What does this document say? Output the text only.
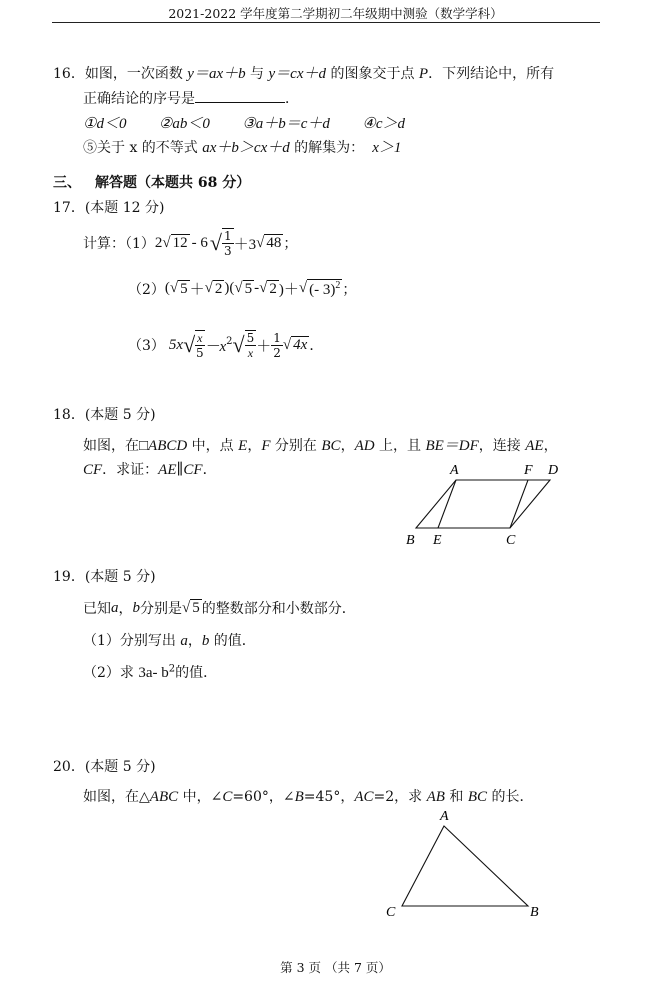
2021-2022 学年度第二学期初二年级期中测验（数学学科）
16．如图，一次函数 y＝ax＋b 与 y＝cx＋d 的图象交于点 P．下列结论中，所有
正确结论的序号是	．
①d＜0 ②ab＜0 ③a＋b＝c＋d ④c＞d
⑤关于 x 的不等式 ax＋b＞cx＋d 的解集为： x＞1
三、 解答题（本题共 68 分）
17．(本题 12 分)
计算：（1） 2 √ 12 - 6 √ $\frac{1}{3} +3$ √ 48 ；
（2） ( √ 5 ＋ √ 2 )( √ 5 - √ 2 )＋ √ (- 3)$^2$ ；
（3） 5x √ $\frac{x}{5} -x^2$ √ $\frac{5}{x} + \frac{1}{2}$ √ 4x ．
18．(本题 5 分)
如图，在□ABCD 中，点 E，F 分别在 BC，AD 上，且 BE＝DF，连接 AE，
CF．求证：AE∥CF．	A	F D
B E	C
19．(本题 5 分)
已知 a ， b 分别是 √ 5 的整数部分和小数部分．
（1）分别写出 a，b 的值．
（2）求 3a- $b^2$的值．
20．(本题 5 分)
如图，在△ABC 中，∠C=60°，∠B=45°，AC=2，求 AB 和 BC 的长．
A
C	B
第 3 页 （共 7 页）
